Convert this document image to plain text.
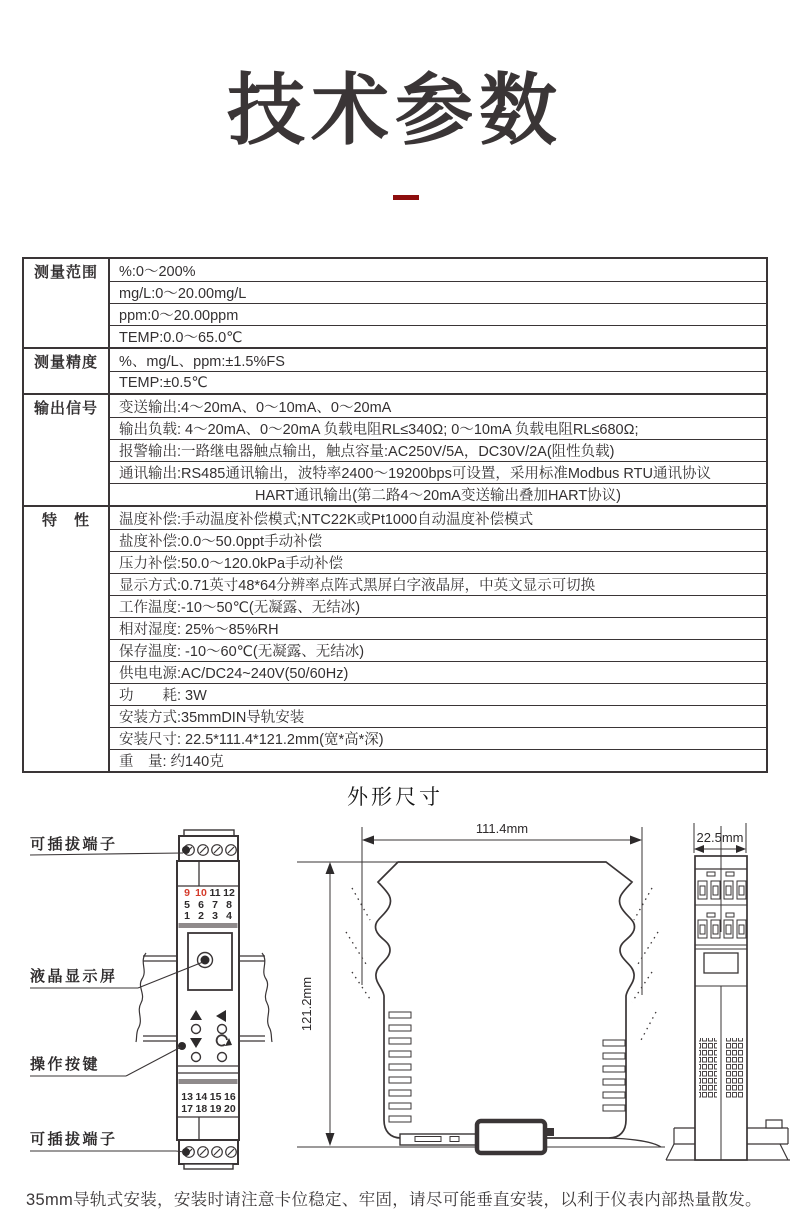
技术参数
测量范围	%:0～200%
mg/L:0～20.00mg/L
ppm:0～20.00ppm
TEMP:0.0～65.0℃
测量精度	%、mg/L、ppm:±1.5%FS
TEMP:±0.5℃
输出信号	变送输出:4～20mA、0～10mA、0～20mA
输出负载: 4～20mA、0～20mA 负载电阻RL≤340Ω; 0～10mA 负载电阻RL≤680Ω;
报警输出:一路继电器触点输出，触点容量:AC250V/5A，DC30V/2A(阻性负载)
通讯输出:RS485通讯输出，波特率2400～19200bps可设置，采用标准Modbus RTU通讯协议
HART通讯输出(第二路4～20mA变送输出叠加HART协议)
特　性	温度补偿:手动温度补偿模式;NTC22K或Pt1000自动温度补偿模式
盐度补偿:0.0～50.0ppt手动补偿
压力补偿:50.0～120.0kPa手动补偿
显示方式:0.71英寸48*64分辨率点阵式黑屏白字液晶屏，中英文显示可切换
工作温度:-10～50℃(无凝露、无结冰)
相对湿度: 25%～85%RH
保存温度: -10～60℃(无凝露、无结冰)
供电电源:AC/DC24~240V(50/60Hz)
功　　耗: 3W
安装方式:35mmDIN导轨安装
安装尺寸: 22.5*111.4*121.2mm(宽*高*深)
重　量: 约140克
外形尺寸
可插拔端子
液晶显示屏
操作按键
可插拔端子
111.4mm
121.2mm
22.5mm
9 10 11 12
5 6 7 8
1 2 3 4
13 14 15 16
17 18 19 20
35mm导轨式安装，安装时请注意卡位稳定、牢固，请尽可能垂直安装，以利于仪表内部热量散发。
